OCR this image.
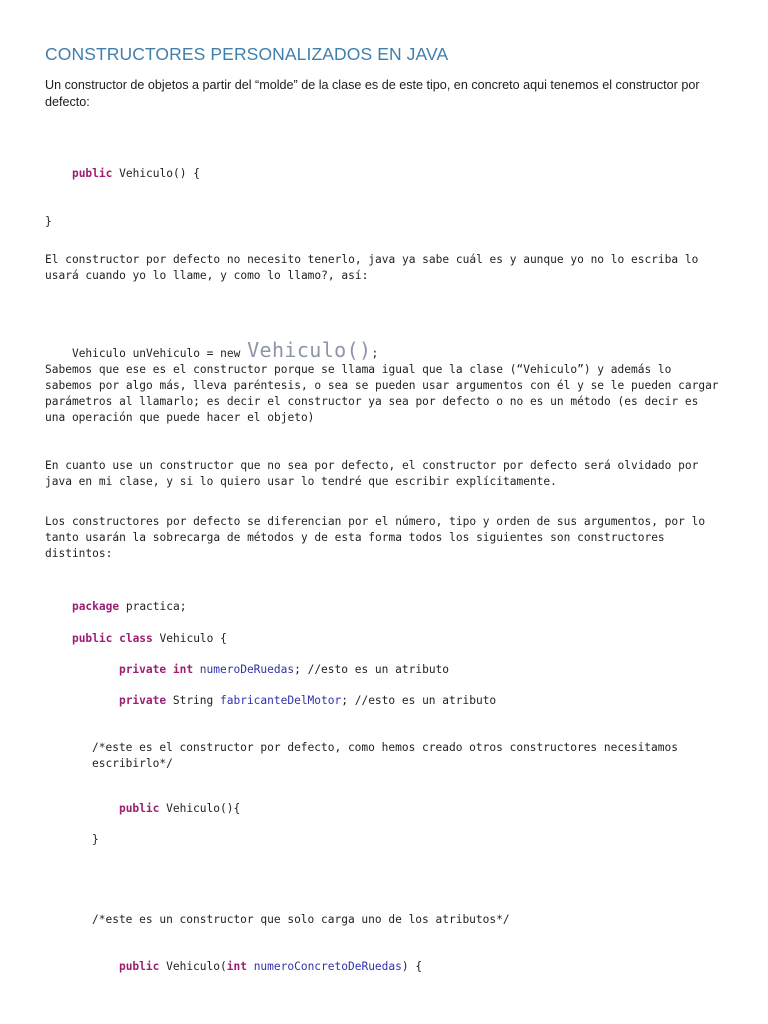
CONSTRUCTORES PERSONALIZADOS EN JAVA

Un constructor de objetos a partir del “molde” de la clase es de este tipo, en concreto aqui tenemos el constructor por defecto:

public Vehiculo() {

}
El constructor por defecto no necesito tenerlo, java ya sabe cuál es y aunque yo no lo escriba lo usará cuando yo lo llame, y como lo llamo?, así:

Vehiculo unVehiculo = new Vehiculo();

Sabemos que ese es el constructor porque se llama igual que la clase (“Vehiculo”) y además lo sabemos por algo más, lleva paréntesis, o sea se pueden usar argumentos con él y se le pueden cargar parámetros al llamarlo; es decir el constructor ya sea por defecto o no es un método (es decir es una operación que puede hacer el objeto)
En cuanto use un constructor que no sea por defecto, el constructor por defecto será olvidado por java en mi clase, y si lo quiero usar lo tendré que escribir explícitamente.
Los constructores por defecto se diferencian por el número, tipo y orden de sus argumentos, por lo tanto usarán la sobrecarga de métodos y de esta forma todos los siguientes son constructores distintos:

package practica;

public class Vehiculo {

private int numeroDeRuedas; //esto es un atributo

private String fabricanteDelMotor; //esto es un atributo

/*este es el constructor por defecto, como hemos creado otros constructores necesitamos escribirlo*/

public Vehiculo(){

}
/*este es un constructor que solo carga uno de los atributos*/

public Vehiculo(int numeroConcretoDeRuedas) {
